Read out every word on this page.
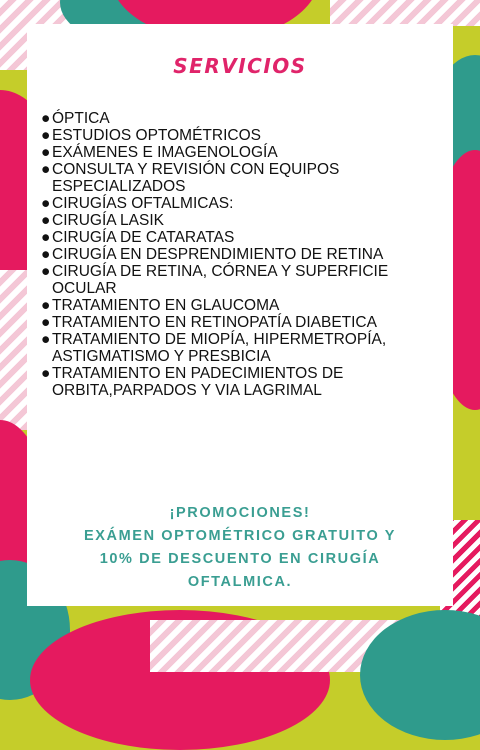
SERVICIOS
● ÓPTICA
● ESTUDIOS OPTOMÉTRICOS
● EXÁMENES E IMAGENOLOGÍA
● CONSULTA Y REVISIÓN CON EQUIPOS
ESPECIALIZADOS
● CIRUGÍAS OFTALMICAS:
● CIRUGÍA LASIK
● CIRUGÍA DE CATARATAS
● CIRUGÍA EN DESPRENDIMIENTO DE RETINA
● CIRUGÍA DE RETINA, CÓRNEA Y SUPERFICIE
OCULAR
● TRATAMIENTO EN GLAUCOMA
● TRATAMIENTO EN RETINOPATÍA DIABETICA
● TRATAMIENTO DE MIOPÍA, HIPERMETROPÍA,
ASTIGMATISMO Y PRESBICIA
● TRATAMIENTO EN PADECIMIENTOS DE
ORBITA,PARPADOS Y VIA LAGRIMAL
¡PROMOCIONES!
EXÁMEN OPTOMÉTRICO GRATUITO Y
10% DE DESCUENTO EN CIRUGÍA
OFTALMICA.
